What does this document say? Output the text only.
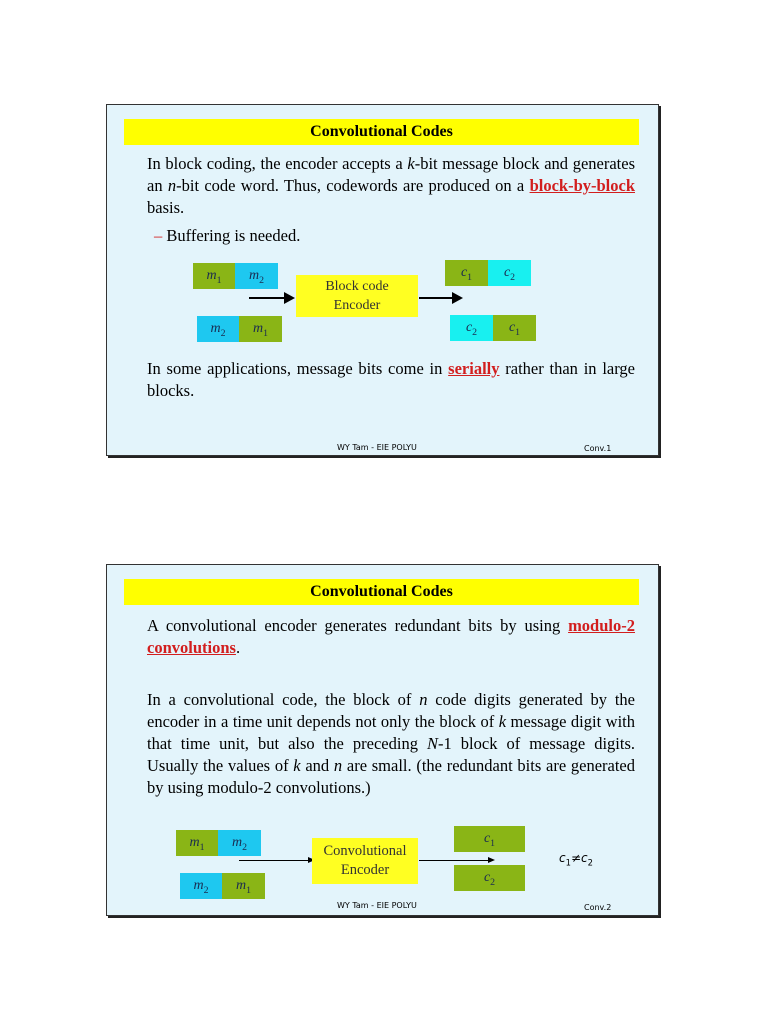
Convolutional Codes
In block coding, the encoder accepts a k-bit message block and generates an n-bit code word. Thus, codewords are produced on a block-by-block basis.
– Buffering is needed.
$m_1$	$m_2$
$m_2$	$m_1$
Block code
Encoder
$c_1$	$c_2$
$c_2$	$c_1$
In some applications, message bits come in serially rather than in large blocks.
WY Tam - EIE POLYU	Conv.1
Convolutional Codes
A convolutional encoder generates redundant bits by using modulo-2 convolutions.
In a convolutional code, the block of n code digits generated by the encoder in a time unit depends not only the block of k message digit with that time unit, but also the preceding N-1 block of message digits. Usually the values of k and n are small. (the redundant bits are generated by using modulo-2 convolutions.)
$m_1$	$m_2$
$m_2$	$m_1$
Convolutional
Encoder
$c_1$
$c_2$
$c_1\ne c_2$
WY Tam - EIE POLYU	Conv.2
